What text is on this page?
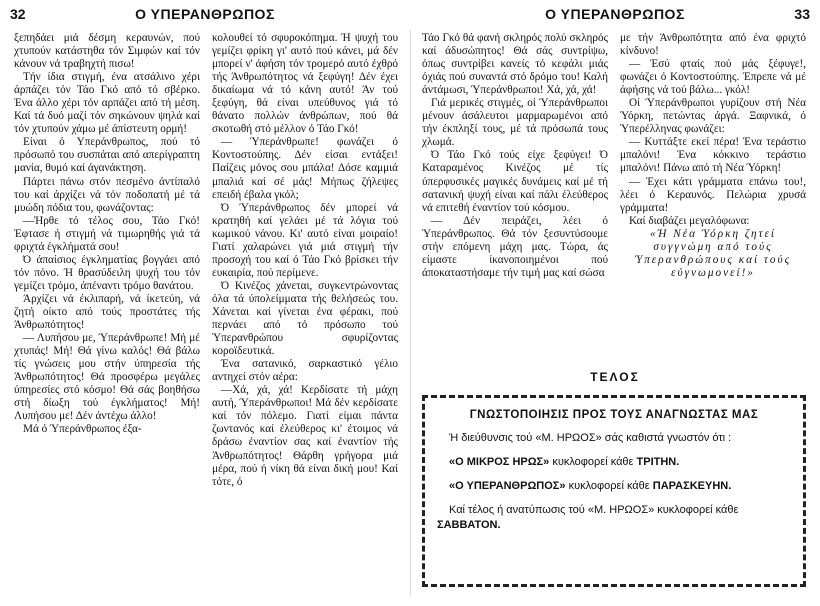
32	Ο ΥΠΕΡΑΝΘΡΩΠΟΣ

ξεπηδάει μιά δέσμη κεραυνών, πού χτυπούν κατάστηθα τόν Σιμφών καί τόν κάνουν νά τραβηχτή πισω!

Τήν ίδια στιγμή, ένα ατσάλινο χέρι άρπάζει τόν Τάο Γκό από τό σβέρκο. Ένα άλλο χέρι τόν αρπάζει από τή μέση. Καί τά δυό μαζί τόν σηκώνουν ψηλά καί τόν χτυπούν χάμω μέ άπίστευτη ορμή!

Είναι ό Υπεράνθρωπος, πού τό πρόσωπό του συσπάται από απερίγραπτη μανία, θυμό καί άγανάκτηση.

Πάρτει πάνω στόν πεσμένο άντίπαλό του καί άρχίζει νά τόν ποδοπατή μέ τά μυώδη πόδια του, φωνάζοντας:

—Ήρθε τό τέλος σου, Τάο Γκό! Έφτασε ή στιγμή νά τιμωρηθής γιά τά φριχτά έγκλήματά σου!

Ό άπαίσιος έγκληματίας βογγάει από τόν πόνο. Ή θρασύδειλη ψυχή του τόν γεμίζει τρόμο, άπέναντι τρόμο θανάτου.

Άρχίζει νά έκλιπαρή, νά ίκετεύη, νά ζητή οίκτο από τούς προστάτες τής Άνθρωπότητος!

— Λυπήσου με, Ύπεράνθρωπε! Μή μέ χτυπάς! Μή! Θά γίνω καλός! Θά βάλω τίς γνώσεις μου στήν ύπηρεσία τής Άνθρωπότητος! Θά προσφέρω μεγάλες ύπηρεσίες στό κόσμο! Θά σάς βοηθήσω στή δίωξη τού έγκλήματος! Μή! Λυπήσου με! Δέν άντέχω άλλο!

Μά ό Ύπεράνθρωπος έξα-

κολουθεί τό σφυροκόπημα. Ή ψυχή του γεμίζει φρίκη γι' αυτό πού κάνει, μά δέν μπορεί ν' άφήση τόν τρομερό αυτό έχθρό τής Άνθρωπότητος νά ξεφύγη! Δέν έχει δικαίωμα νά τό κάνη αυτό! Άν τού ξεφύγη, θά είναι υπεύθυνος γιά τό θάνατο πολλών άνθρώπων, πού θά σκοτωθή στό μέλλον ό Τάο Γκό!

— Ύπεράνθρωπε! φωνάζει ό Κοντοστούπης. Δέν είσαι εντάξει! Παίζεις μόνος σου μπάλα! Δόσε καμμιά μπαλιά καί σέ μάς! Μήπως ζήλεψες επειδή έβαλα γκόλ;

Ό Ύπεράνθρωπος δέν μπορεί νά κρατηθή καί γελάει μέ τά λόγια τού κωμικού νάνου. Κι' αυτό είναι μοιραίο! Γιατί χαλαρώνει γιά μιά στιγμή τήν προσοχή του καί ό Τάο Γκό βρίσκει τήν ευκαιρία, πού περίμενε.

Ό Κινέζος χάνεται, συγκεντρώνοντας όλα τά ύπολείμματα τής θελήσεώς του. Χάνεται καί γίνεται ένα φέρακι, πού περνάει από τό πρόσωπο τού Ύπερανθρώπου σφυρίζοντας κοροϊδευτικά.

Ένα σατανικό, σαρκαστικό γέλιο αντηχεί στόν αέρα:

—Χά, χά, χά! Κερδίσατε τή μάχη αυτή, Ύπεράνθρωποι! Μά δέν κερδίσατε καί τόν πόλεμο. Γιατί είμαι πάντα ζωντανός καί έλεύθερος κι' έτοιμος νά δράσω έναντίον σας καί έναντίον τής Άνθρωπότητος! Θάρθη γρήγορα μιά μέρα, πού ή νίκη θά είναι δική μου! Καί τότε, ό

Ο ΥΠΕΡΑΝΘΡΩΠΟΣ	33

Τάο Γκό θά φανή σκληρός πολύ σκληρός καί άδυσώπητος! Θά σάς συντρίψω, όπως συντρίβει κανείς τό κεφάλι μιάς όχιάς πού συναντά στό δρόμο του! Καλή άντάμωσι, Ύπεράνθρωποι! Χά, χά, χά!

Γιά μερικές στιγμές, οί Ύπεράνθρωποι μένουν άσάλευτοι μαρμαρωμένοι από τήν έκπληξί τους, μέ τά πρόσωπά τους χλωμά.

Ό Τάο Γκό τούς είχε ξεφύγει! Ό Καταραμένος Κινέζος μέ τίς ύπερφυσικές μαγικές δυνάμεις καί μέ τή σατανική ψυχή είναι καί πάλι έλεύθερος νά επιτεθή έναντίον τού κόσμου.

— Δέν πειράζει, λέει ό Ύπεράνθρωπος. Θά τόν ξεσυντύσουμε στήν επόμενη μάχη μας. Τώρα, άς είμαστε ίκανοποιημένοι πού άποκαταστήσαμε τήν τιμή μας καί σώσα

με τήν Άνθρωπότητα από ένα φριχτό κίνδυνο!

— Έσύ φταίς πού μάς ξέφυγε!, φωνάζει ό Κοντοστούπης. Έπρεπε νά μέ άφήσης νά τού βάλω... γκόλ!

Οί Ύπεράνθρωποι γυρίζουν στή Νέα Ύόρκη, πετώντας άργά. Ξαφνικά, ό Ύπερέλληνας φωνάζει:

— Κυττάξτε εκεί πέρα! Ένα τεράστιο μπαλόνι! Ένα κόκκινο τεράστιο μπαλόνι! Πάνω από τή Νέα Ύόρκη!

— Έχει κάτι γράμματα επάνω του!, λέει ό Κεραυνός. Πελώρια χρυσά γράμματα!

Καί διαβάζει μεγαλόφωνα:

«Ή Νέα Ύόρκη ζητεί συγγνώμη από τούς Ύπερανθρώπους καί τούς εύγνωμονεί!»

ΤΕΛΟΣ
ΓΝΩΣΤΟΠΟΙΗΣΙΣ ΠΡΟΣ ΤΟΥΣ ΑΝΑΓΝΩΣΤΑΣ ΜΑΣ

Ή διεύθυνσις τού «Μ. ΗΡΩΟΣ» σάς καθιστά γνωστόν ότι :

«Ο ΜΙΚΡΟΣ ΗΡΩΣ» κυκλοφορεί κάθε ΤΡΙΤΗΝ.

«Ο ΥΠΕΡΑΝΘΡΩΠΟΣ» κυκλοφορεί κάθε ΠΑΡΑΣΚΕΥΗΝ.

Καί τέλος ή ανατύπωσις τού «Μ. ΗΡΩΟΣ» κυκλοφορεί κάθε ΣΑΒΒΑΤΟΝ.
